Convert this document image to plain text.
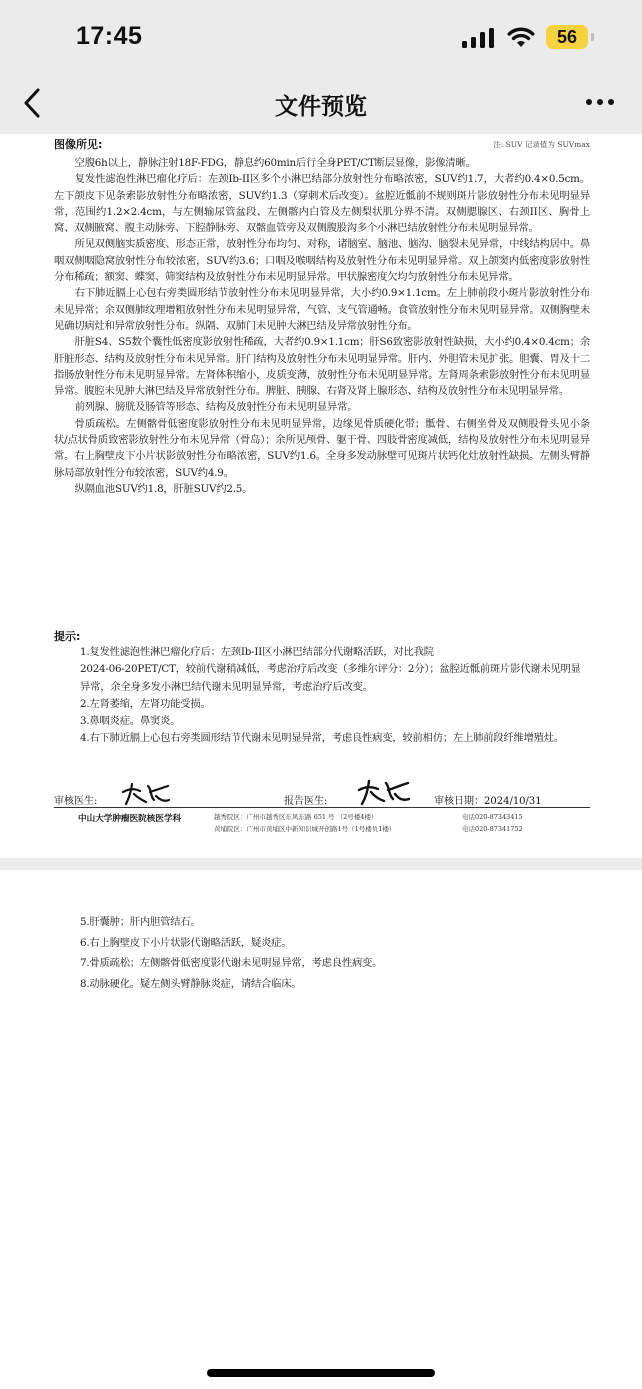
17:45	56
文件预览
图像所见:	注: SUV 记录值为 SUVmax

空腹6h以上，静脉注射18F-FDG，静息约60min后行全身PET/CT断层显像，影像清晰。

复发性滤泡性淋巴瘤化疗后：左颈Ib-II区多个小淋巴结部分放射性分布略浓密，SUV约1.7，大者约0.4×0.5cm。左下颌皮下见条索影放射性分布略浓密，SUV约1.3（穿刺术后改变）。盆腔近骶前不规则斑片影放射性分布未见明显异常，范围约1.2×2.4cm，与左侧输尿管盆段、左侧髂内白管及左侧梨状肌分界不清。双侧腮腺区、右颈II区、胸骨上窝、双侧腋窝、腹主动脉旁、下腔静脉旁、双髂血管旁及双侧腹股沟多个小淋巴结放射性分布未见明显异常。

所见双侧脑实质密度、形态正常，放射性分布均匀、对称，诸脑室、脑池、脑沟、脑裂未见异常，中线结构居中。鼻咽双侧咽隐窝放射性分布较浓密，SUV约3.6；口咽及喉咽结构及放射性分布未见明显异常。双上颌窦内低密度影放射性分布稀疏；额窦、蝶窦、筛窦结构及放射性分布未见明显异常。甲状腺密度欠均匀放射性分布未见异常。

右下肺近膈上心包右旁类圆形结节放射性分布未见明显异常，大小约0.9×1.1cm。左上肺前段小斑片影放射性分布未见异常；余双侧肺纹理增粗放射性分布未见明显异常，气管、支气管通畅。食管放射性分布未见明显异常。双侧胸壁未见确切病灶和异常放射性分布。纵隔、双肺门未见肿大淋巴结及异常放射性分布。

肝脏S4、S5数个囊性低密度影放射性稀疏，大者约0.9×1.1cm；肝S6致密影放射性缺损，大小约0.4×0.4cm；余肝脏形态、结构及放射性分布未见异常。肝门结构及放射性分布未见明显异常。肝内、外胆管未见扩张。胆囊、胃及十二指肠放射性分布未见明显异常。左肾体积缩小，皮质变薄，放射性分布未见明显异常。左肾周条索影放射性分布未见明显异常。腹腔未见肿大淋巴结及异常放射性分布。脾脏、胰腺、右肾及肾上腺形态、结构及放射性分布未见明显异常。

前列腺、膀胱及肠管等形态、结构及放射性分布未见明显异常。

骨质疏松。左侧髂骨低密度影放射性分布未见明显异常，边缘见骨质硬化带；骶骨、右侧坐骨及双侧股骨头见小条状/点状骨质致密影放射性分布未见异常（骨岛）；余所见颅骨、躯干骨、四肢骨密度减低，结构及放射性分布未见明显异常。右上胸壁皮下小片状影放射性分布略浓密，SUV约1.6。全身多发动脉壁可见斑片状钙化灶放射性缺损。左侧头臂静脉局部放射性分布较浓密，SUV约4.9。

纵隔血池SUV约1.8，肝脏SUV约2.5。

提示:
1.复发性滤泡性淋巴瘤化疗后：左颈Ib-II区小淋巴结部分代谢略活跃，对比我院
2024-06-20PET/CT，较前代谢稍减低，考虑治疗后改变（多维尔评分：2分）；盆腔近骶前斑片影代谢未见明显异常，余全身多发小淋巴结代谢未见明显异常，考虑治疗后改变。
2.左肾萎缩，左肾功能受损。
3.鼻咽炎症。鼻窦炎。
4.右下肺近膈上心包右旁类圆形结节代谢未见明显异常，考虑良性病变，较前相仿；左上肺前段纤维增殖灶。
审核医生:	报告医生:	审核日期：2024/10/31
中山大学肿瘤医院核医学科	越秀院区：广州市越秀区东风东路 651 号 （2号楼4楼）
黄埔院区：广州市黄埔区中新知识城开创路1号（1号楼负1楼）
电话020-87343415
电话020-87341752
5.肝囊肿；肝内胆管结石。
6.右上胸壁皮下小片状影代谢略活跃，疑炎症。
7.骨质疏松；左侧髂骨低密度影代谢未见明显异常，考虑良性病变。
8.动脉硬化。疑左侧头臂静脉炎症，请结合临床。
